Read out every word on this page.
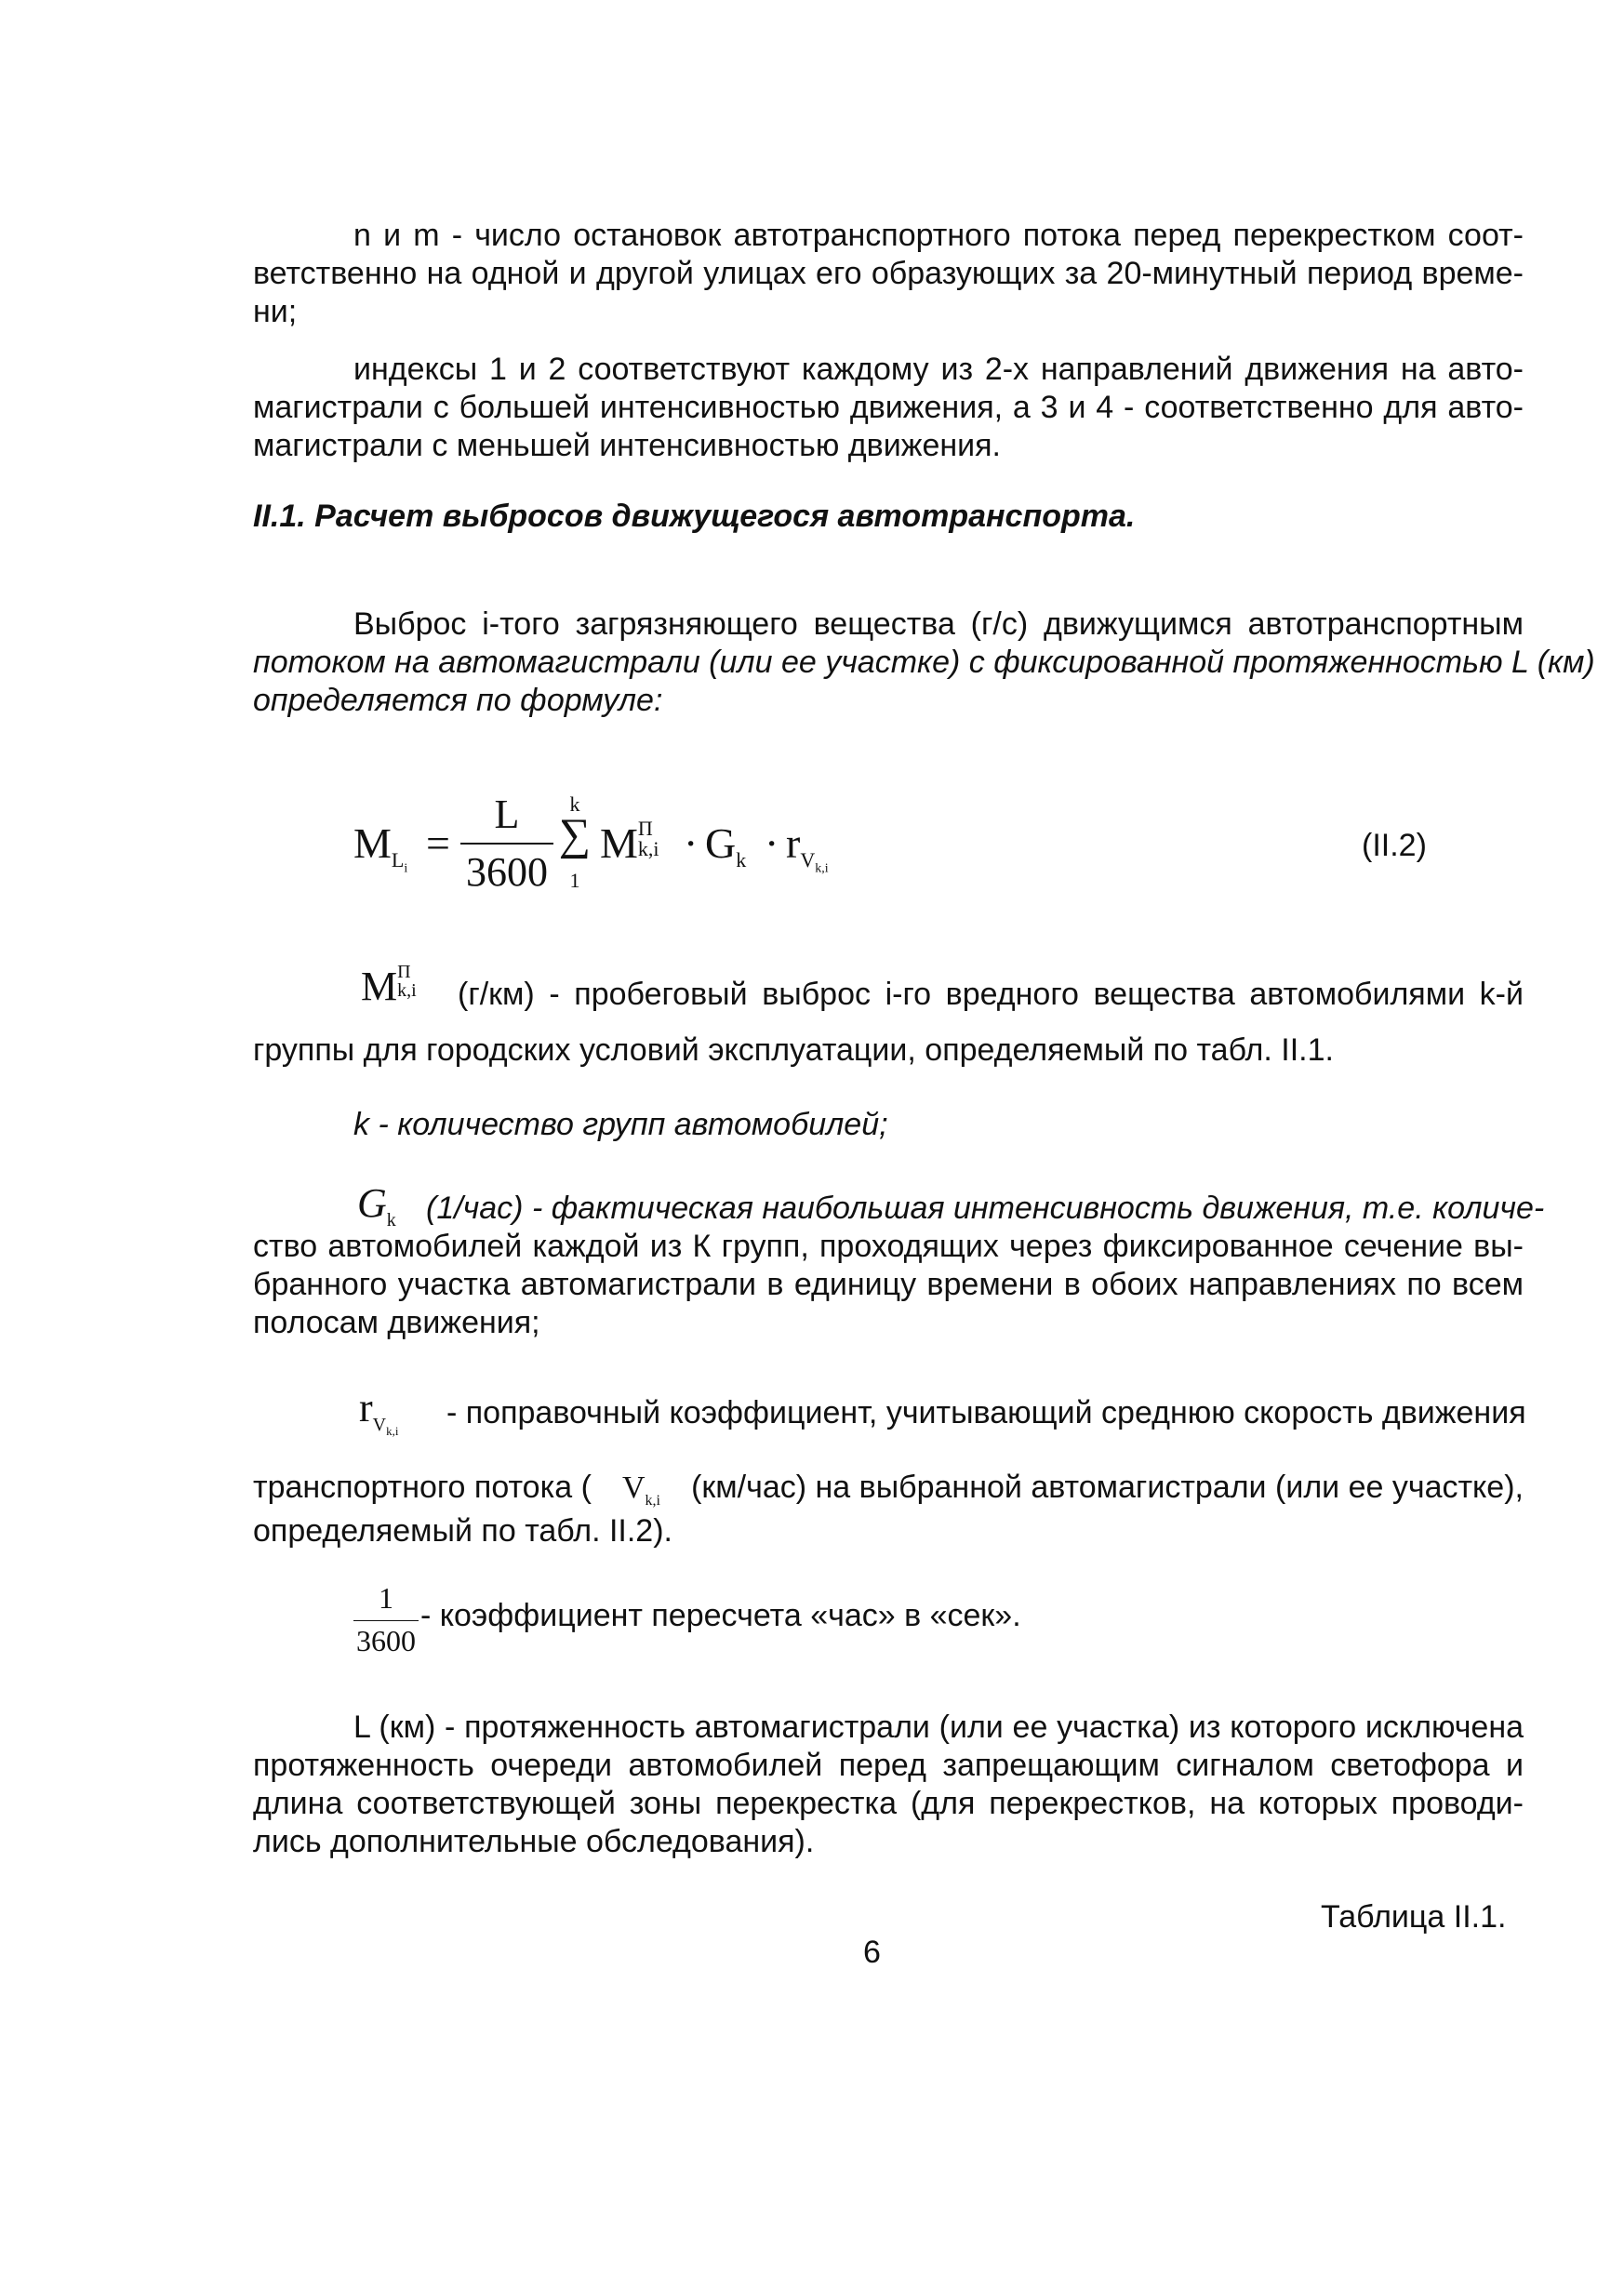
n и m - число остановок автотранспортного потока перед перекрестком соот-
ветственно на одной и другой улицах его образующих за 20-минутный период време-
ни;
индексы 1 и 2 соответствуют каждому из 2-х направлений движения на авто-
магистрали с большей интенсивностью движения, а 3 и 4 - соответственно для авто-
магистрали с меньшей интенсивностью движения.
II.1. Расчет выбросов движущегося автотранспорта.
Выброс i-того загрязняющего вещества (г/с) движущимся автотранспортным
потоком на автомагистрали (или ее участке) с фиксированной протяженностью L (км)
определяется по формуле:
$M_{L_i}$
=
L
3600
k
∑
1
M П
$k,i \cdot G_k \cdot r_{V_{k,i}}$
(II.2)
M П
k,i (г/км) - пробеговый выброс i-го вредного вещества автомобилями k-й
группы для городских условий эксплуатации, определяемый по табл. II.1.
k - количество групп автомобилей;
$G_k$ (1/час) - фактическая наибольшая интенсивность движения, т.е. количе-
ство автомобилей каждой из К групп, проходящих через фиксированное сечение вы-
бранного участка автомагистрали в единицу времени в обоих направлениях по всем
полосам движения;
$r_{V_{k,i}}$
- поправочный коэффициент, учитывающий среднюю скорость движения
транспортного потока ( $V_{k,i}$ (км/час) на выбранной автомагистрали (или ее участке),
определяемый по табл. II.2).
1
3600
- коэффициент пересчета «час» в «сек».
L (км) - протяженность автомагистрали (или ее участка) из которого исключена
протяженность очереди автомобилей перед запрещающим сигналом светофора и
длина соответствующей зоны перекрестка (для перекрестков, на которых проводи-
лись дополнительные обследования).
Таблица II.1.
6
